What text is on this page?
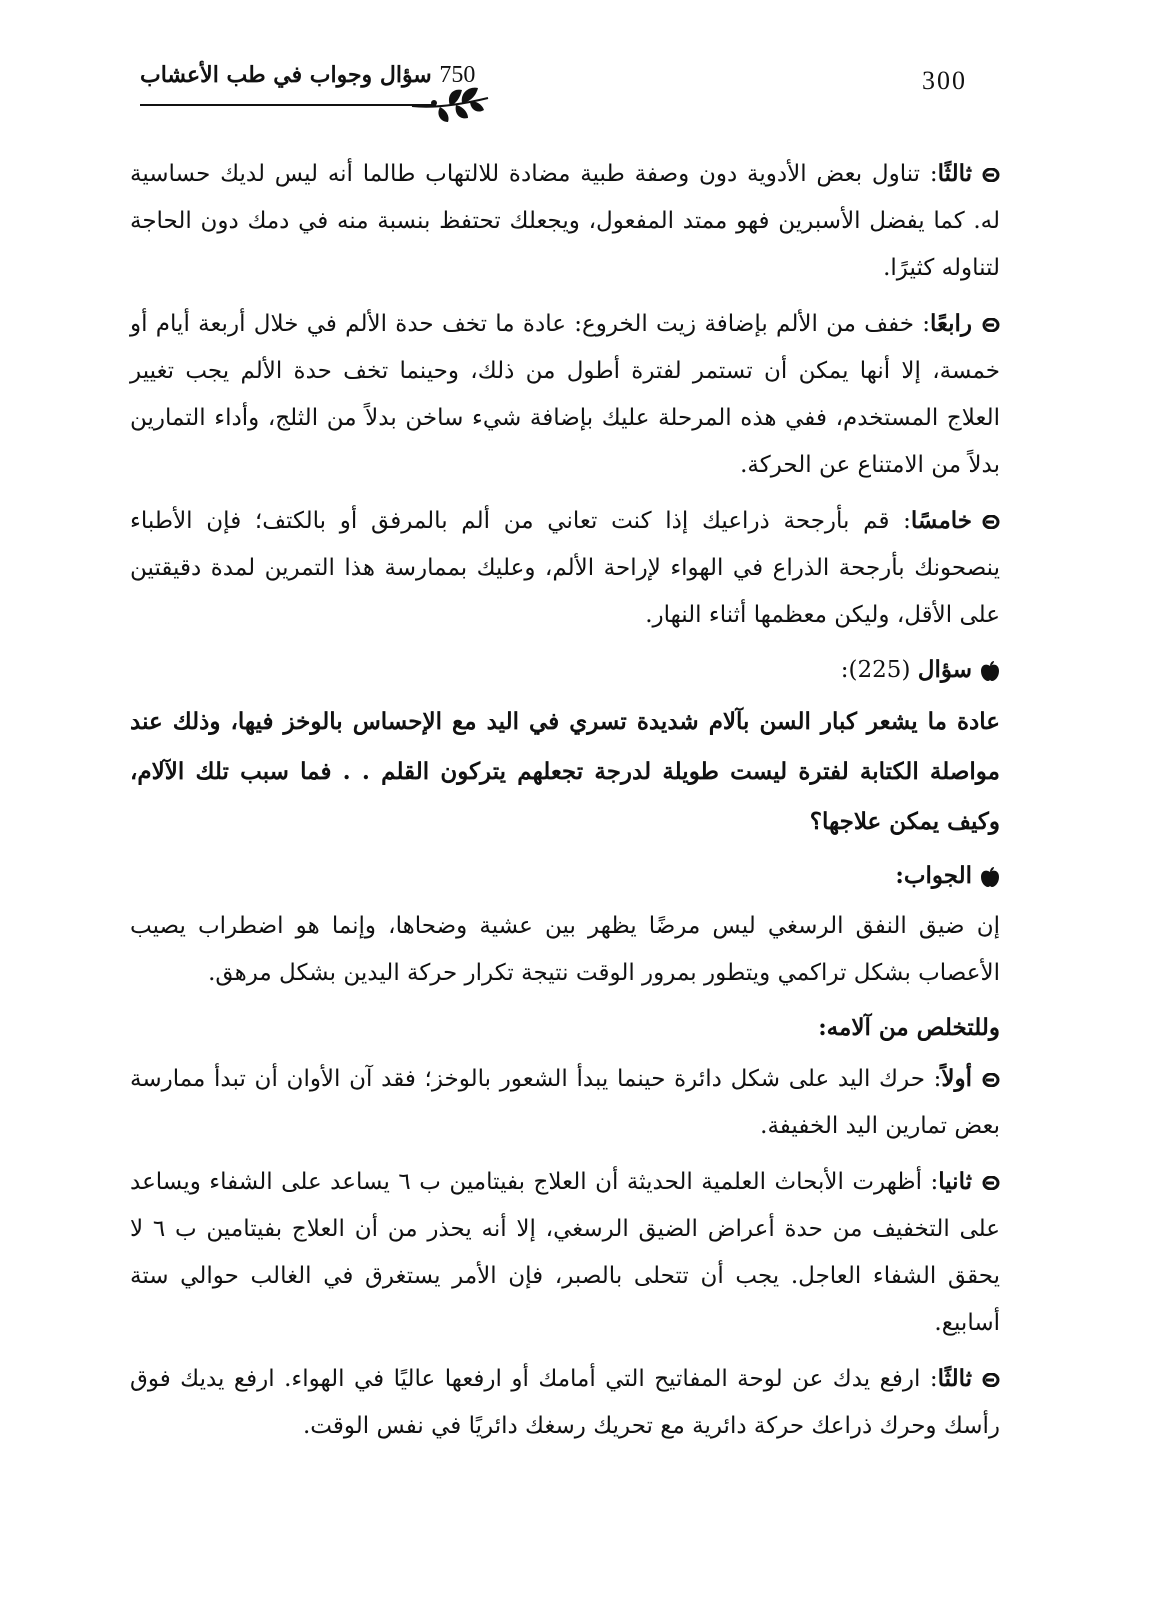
300
750 سؤال وجواب في طب الأعشاب

ثالثًا: تناول بعض الأدوية دون وصفة طبية مضادة للالتهاب طالما أنه ليس لديك حساسية له. كما يفضل الأسبرين فهو ممتد المفعول، ويجعلك تحتفظ بنسبة منه في دمك دون الحاجة لتناوله كثيرًا.

رابعًا: خفف من الألم بإضافة زيت الخروع: عادة ما تخف حدة الألم في خلال أربعة أيام أو خمسة، إلا أنها يمكن أن تستمر لفترة أطول من ذلك، وحينما تخف حدة الألم يجب تغيير العلاج المستخدم، ففي هذه المرحلة عليك بإضافة شيء ساخن بدلاً من الثلج، وأداء التمارين بدلاً من الامتناع عن الحركة.

خامسًا: قم بأرجحة ذراعيك إذا كنت تعاني من ألم بالمرفق أو بالكتف؛ فإن الأطباء ينصحونك بأرجحة الذراع في الهواء لإراحة الألم، وعليك بممارسة هذا التمرين لمدة دقيقتين على الأقل، وليكن معظمها أثناء النهار.

سؤال (225):

عادة ما يشعر كبار السن بآلام شديدة تسري في اليد مع الإحساس بالوخز فيها، وذلك عند مواصلة الكتابة لفترة ليست طويلة لدرجة تجعلهم يتركون القلم . . فما سبب تلك الآلام، وكيف يمكن علاجها؟

الجواب:

إن ضيق النفق الرسغي ليس مرضًا يظهر بين عشية وضحاها، وإنما هو اضطراب يصيب الأعصاب بشكل تراكمي ويتطور بمرور الوقت نتيجة تكرار حركة اليدين بشكل مرهق.

وللتخلص من آلامه:

أولاً: حرك اليد على شكل دائرة حينما يبدأ الشعور بالوخز؛ فقد آن الأوان أن تبدأ ممارسة بعض تمارين اليد الخفيفة.

ثانيا: أظهرت الأبحاث العلمية الحديثة أن العلاج بفيتامين ب ٦ يساعد على الشفاء ويساعد على التخفيف من حدة أعراض الضيق الرسغي، إلا أنه يحذر من أن العلاج بفيتامين ب ٦ لا يحقق الشفاء العاجل. يجب أن تتحلى بالصبر، فإن الأمر يستغرق في الغالب حوالي ستة أسابيع.

ثالثًا: ارفع يدك عن لوحة المفاتيح التي أمامك أو ارفعها عاليًا في الهواء. ارفع يديك فوق رأسك وحرك ذراعك حركة دائرية مع تحريك رسغك دائريًا في نفس الوقت.
